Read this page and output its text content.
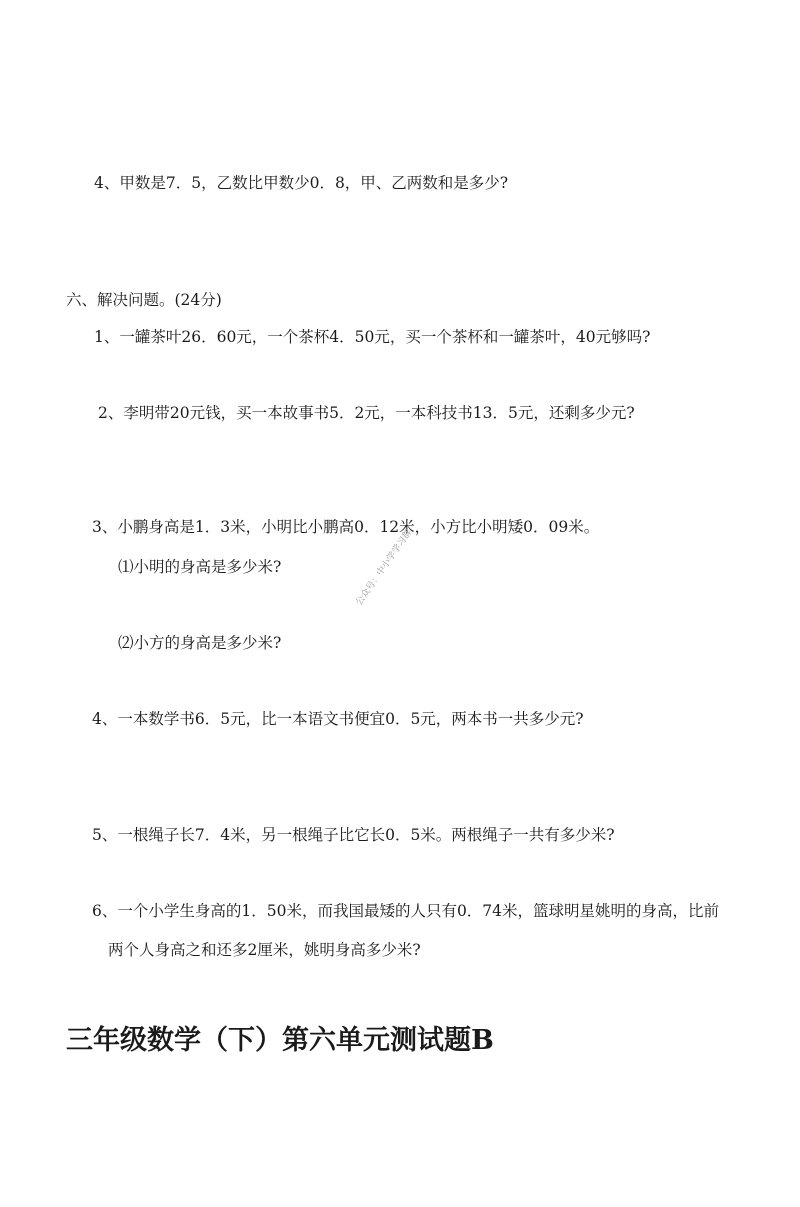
4、甲数是7．5，乙数比甲数少0．8，甲、乙两数和是多少?
六、解决问题。(24分)
1、一罐茶叶26．60元，一个茶杯4．50元，买一个茶杯和一罐茶叶，40元够吗?
2、李明带20元钱，买一本故事书5．2元，一本科技书13．5元，还剩多少元?
3、小鹏身高是1．3米，小明比小鹏高0．12米，小方比小明矮0．09米。
⑴小明的身高是多少米?
⑵小方的身高是多少米?
4、一本数学书6．5元，比一本语文书便宜0．5元，两本书一共多少元?
5、一根绳子长7．4米，另一根绳子比它长0．5米。两根绳子一共有多少米?
6、一个小学生身高的1．50米，而我国最矮的人只有0．74米，篮球明星姚明的身高，比前
两个人身高之和还多2厘米，姚明身高多少米?
三年级数学（下）第六单元测试题B
公众号：中小学学习群
